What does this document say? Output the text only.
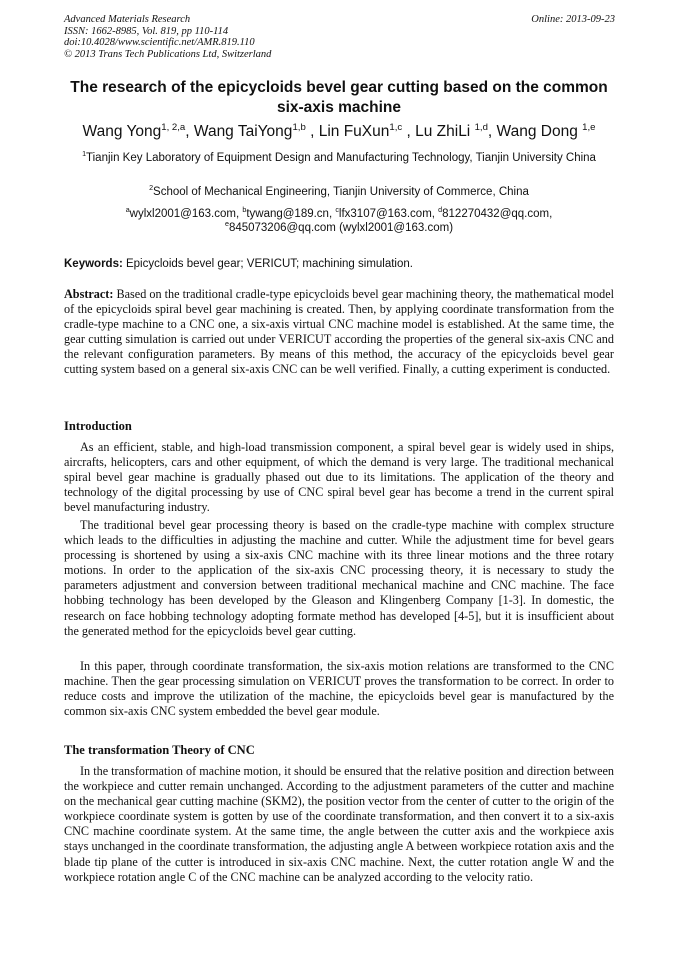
Advanced Materials Research
ISSN: 1662-8985, Vol. 819, pp 110-114
doi:10.4028/www.scientific.net/AMR.819.110
© 2013 Trans Tech Publications Ltd, Switzerland
Online: 2013-09-23
The research of the epicycloids bevel gear cutting based on the common
six-axis machine
Wang Yong$^{1, 2,a}$, Wang TaiYong$^{1,b}$ , Lin FuXun$^{1,c}$ , Lu ZhiLi $^{1,d}$, Wang Dong $^{1,e}$
$^1$Tianjin Key Laboratory of Equipment Design and Manufacturing Technology, Tianjin University China
$^2$School of Mechanical Engineering, Tianjin University of Commerce, China
$^a$wylxl2001@163.com, $^b$tywang@189.cn, $^c$lfx3107@163.com, $^d$812270432@qq.com,
$^e$845073206@qq.com (wylxl2001@163.com)
Keywords: Epicycloids bevel gear; VERICUT; machining simulation.
Abstract: Based on the traditional cradle-type epicycloids bevel gear machining theory, the mathematical model of the epicycloids spiral bevel gear machining is created. Then, by applying coordinate transformation from the cradle-type machine to a CNC one, a six-axis virtual CNC machine model is established. At the same time, the gear cutting simulation is carried out under VERICUT according the properties of the general six-axis CNC and the relevant configuration parameters. By means of this method, the accuracy of the epicycloids bevel gear cutting system based on a general six-axis CNC can be well verified. Finally, a cutting experiment is conducted.
Introduction
As an efficient, stable, and high-load transmission component, a spiral bevel gear is widely used in ships, aircrafts, helicopters, cars and other equipment, of which the demand is very large. The traditional mechanical spiral bevel gear machine is gradually phased out due to its limitations. The application of the theory and technology of the digital processing by use of CNC spiral bevel gear has become a trend in the current spiral bevel manufacturing industry.
The traditional bevel gear processing theory is based on the cradle-type machine with complex structure which leads to the difficulties in adjusting the machine and cutter. While the adjustment time for bevel gears processing is shortened by using a six-axis CNC machine with its three linear motions and the three rotary motions. In order to the application of the six-axis CNC processing theory, it is necessary to study the parameters adjustment and conversion between traditional mechanical machine and CNC machine. The face hobbing technology has been developed by the Gleason and Klingenberg Company [1-3]. In domestic, the research on face hobbing technology adopting formate method has developed [4-5], but it is insufficient about the generated method for the epicycloids bevel gear cutting.
In this paper, through coordinate transformation, the six-axis motion relations are transformed to the CNC machine. Then the gear processing simulation on VERICUT proves the transformation to be correct. In order to reduce costs and improve the utilization of the machine, the epicycloids bevel gear is manufactured by the common six-axis CNC system embedded the bevel gear module.
The transformation Theory of CNC
In the transformation of machine motion, it should be ensured that the relative position and direction between the workpiece and cutter remain unchanged. According to the adjustment parameters of the cutter and machine on the mechanical gear cutting machine (SKM2), the position vector from the center of cutter to the origin of the workpiece coordinate system is gotten by use of the coordinate transformation, and then convert it to a six-axis CNC machine coordinate system. At the same time, the angle between the cutter axis and the workpiece axis stays unchanged in the coordinate transformation, the adjusting angle A between workpiece rotation axis and the blade tip plane of the cutter is introduced in six-axis CNC machine. Next, the cutter rotation angle W and the workpiece rotation angle C of the CNC machine can be analyzed according to the velocity ratio.
